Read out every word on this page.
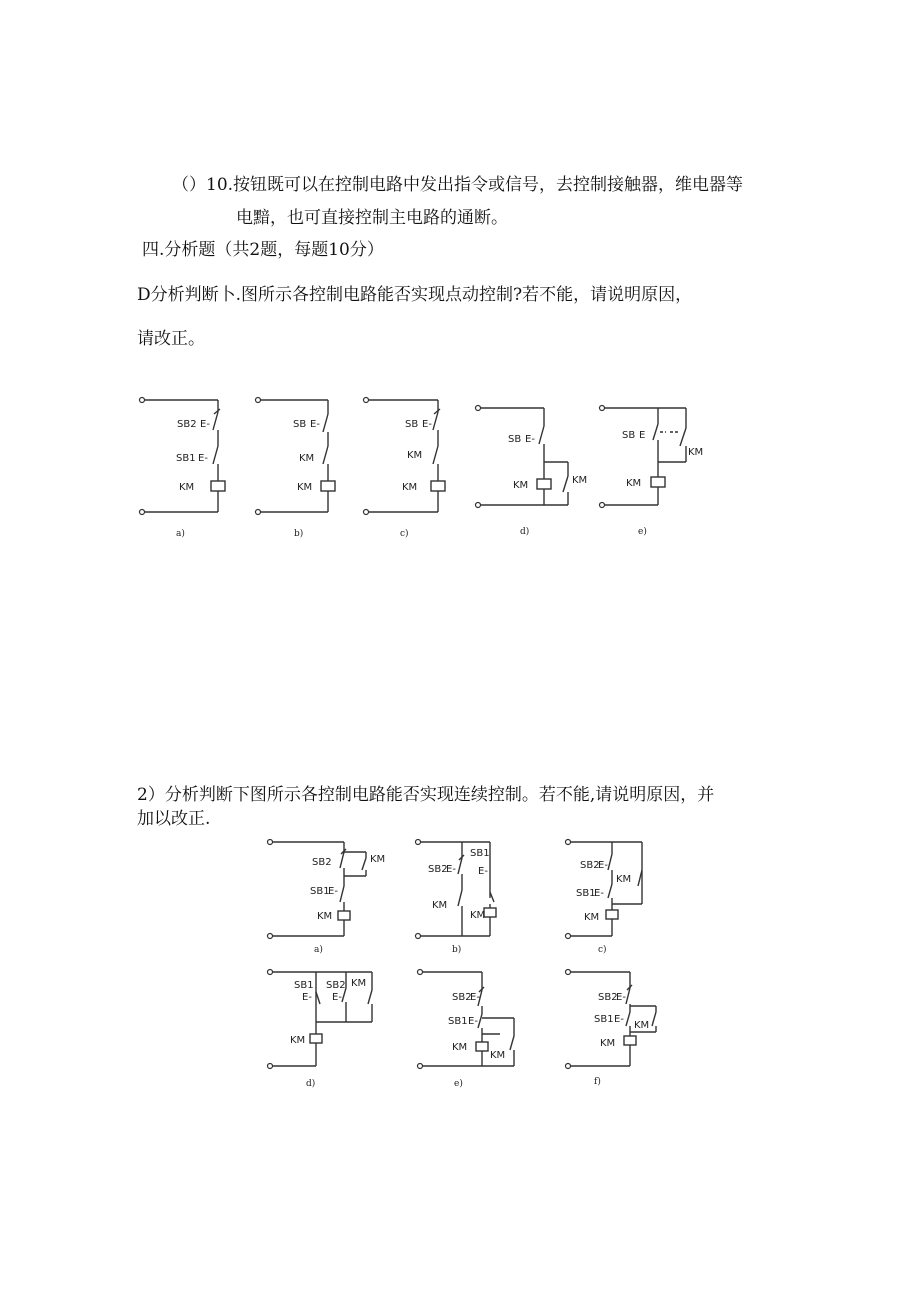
（）10.按钮既可以在控制电路中发出指令或信号，去控制接触器，维电器等
电黯，也可直接控制主电路的通断。
四.分析题（共2题，每题10分）
D分析判断卜.图所示各控制电路能否实现点动控制?若不能，请说明原因，
请改正。
2）分析判断下图所示各控制电路能否实现连续控制。若不能,请说明原因，并
加以改正.
SB2 E-
SB1 E-
KM
a)
SB E-
KM
KM
b)
SB E-
KM
KM
c)
SB E-
KM	KM
d)
SB E
KM
KM
e)
SB2	KM
SB1
E-
KM
a)
SB1
E-
SB2
E-
KM
KM
b)
SB2
E-
KM
SB1
E-
KM
c)
SB1
E-
SB2
E-
KM
KM
d)
SB2
E-
SB1 E-
KM
KM
e)
SB2
E-
SB1 E-
KM
KM
f)
